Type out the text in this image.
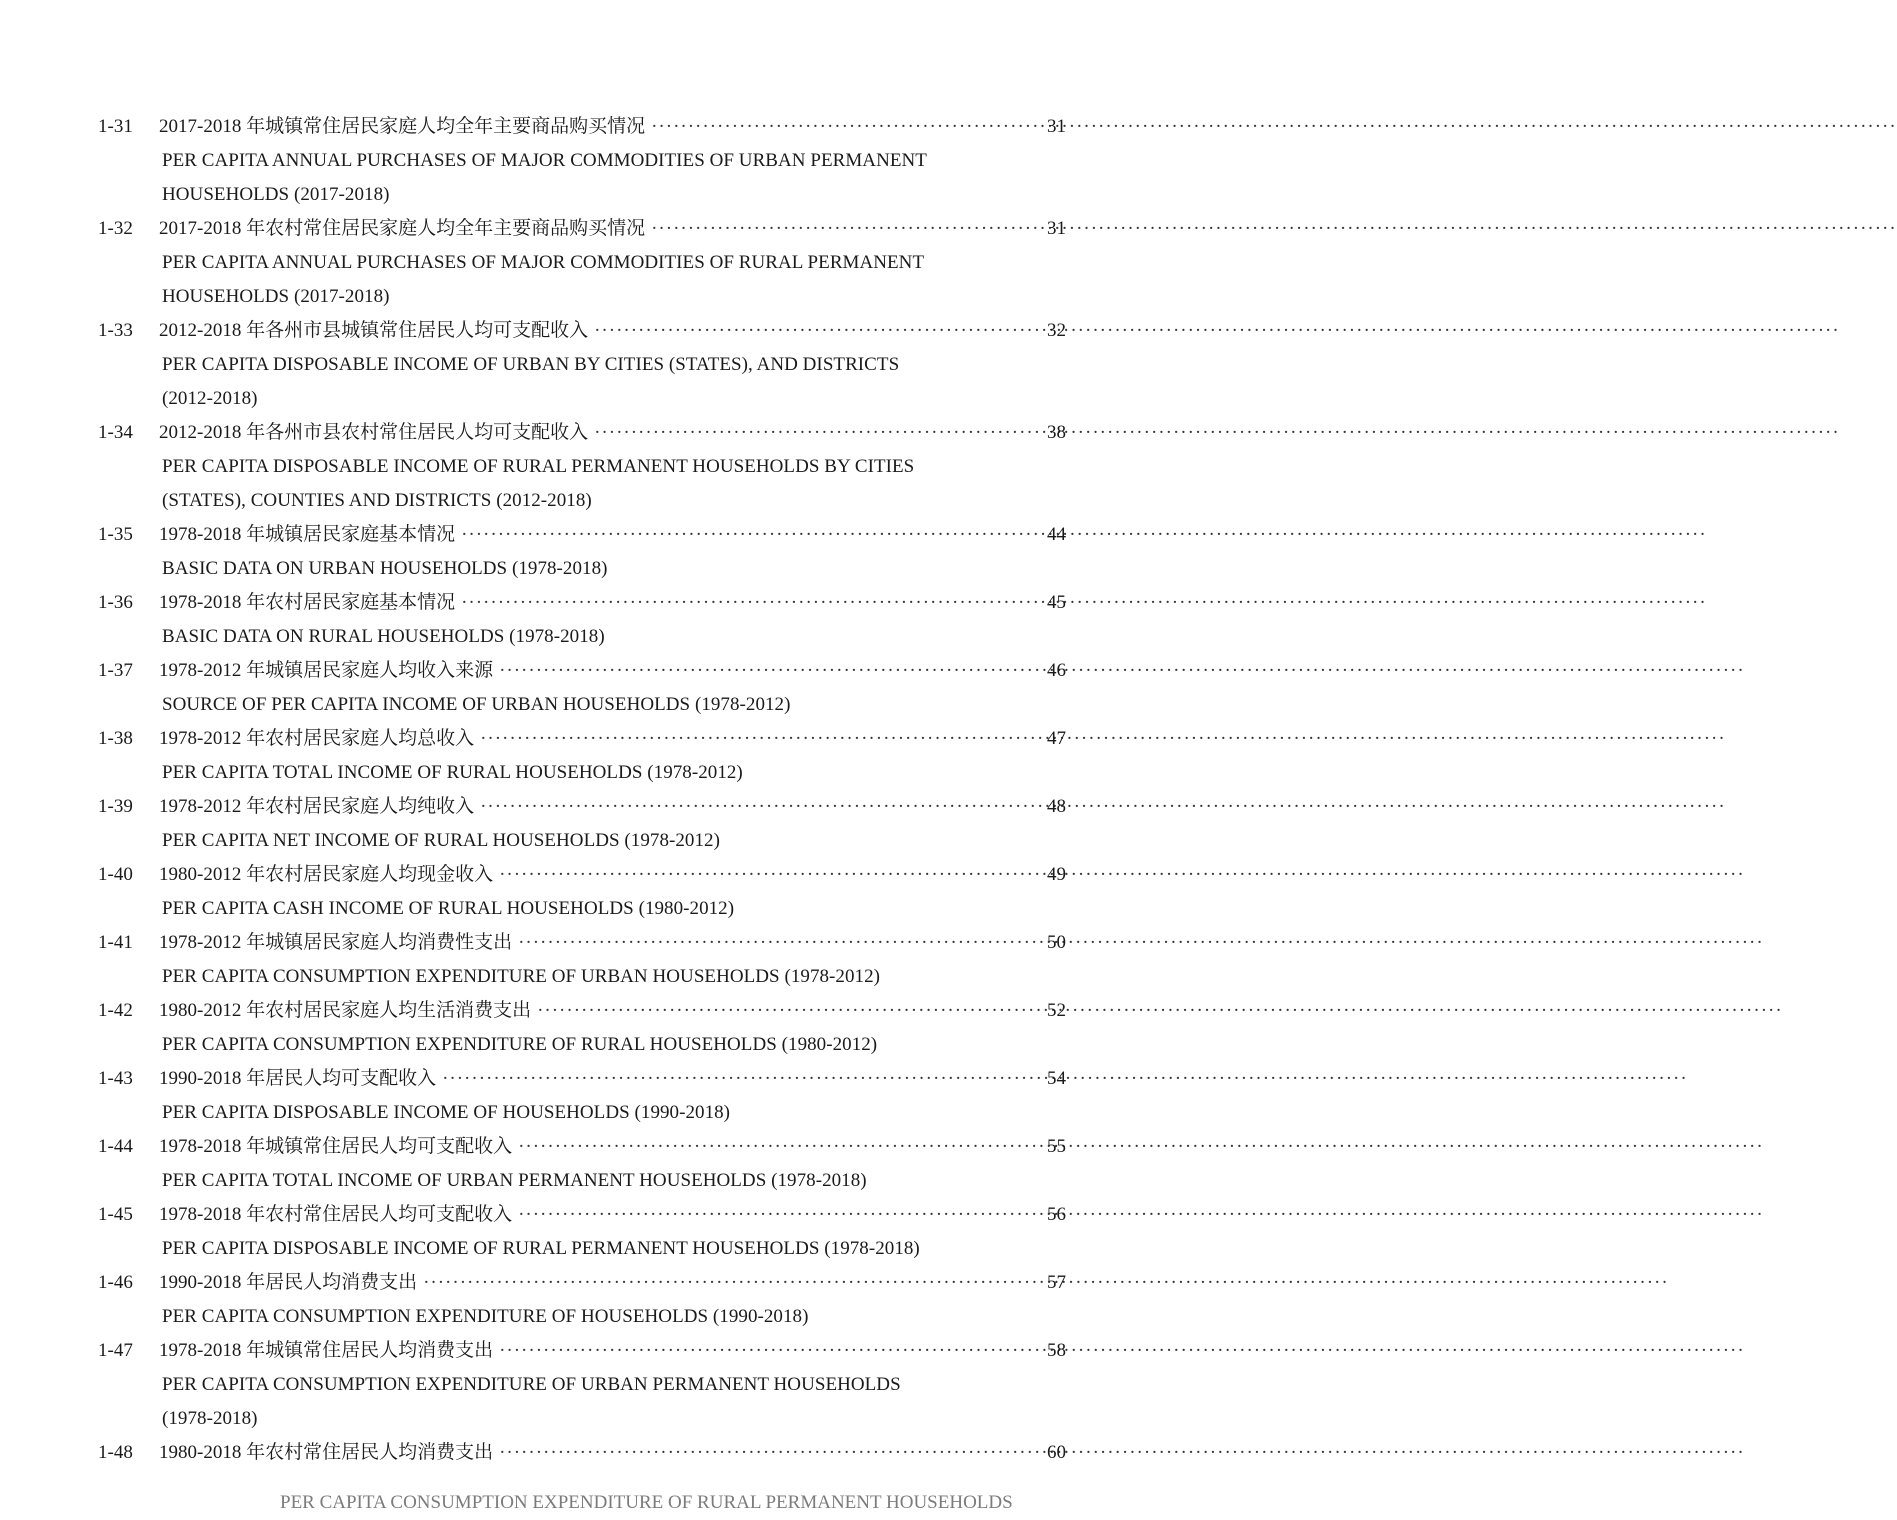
1-31	2017-2018 年城镇常住居民家庭人均全年主要商品购买情况 ·····	31
PER CAPITA ANNUAL PURCHASES OF MAJOR COMMODITIES OF URBAN PERMANENT
HOUSEHOLDS (2017-2018)
1-32	2017-2018 年农村常住居民家庭人均全年主要商品购买情况 ·····	31
PER CAPITA ANNUAL PURCHASES OF MAJOR COMMODITIES OF RURAL PERMANENT
HOUSEHOLDS (2017-2018)
1-33	2012-2018 年各州市县城镇常住居民人均可支配收入 ·····	32
PER CAPITA DISPOSABLE INCOME OF URBAN BY CITIES (STATES), AND DISTRICTS
(2012-2018)
1-34	2012-2018 年各州市县农村常住居民人均可支配收入 ·····	38
PER CAPITA DISPOSABLE INCOME OF RURAL PERMANENT HOUSEHOLDS BY CITIES
(STATES), COUNTIES AND DISTRICTS (2012-2018)
1-35	1978-2018 年城镇居民家庭基本情况 ·····	44
BASIC DATA ON URBAN HOUSEHOLDS (1978-2018)
1-36	1978-2018 年农村居民家庭基本情况 ·····	45
BASIC DATA ON RURAL HOUSEHOLDS (1978-2018)
1-37	1978-2012 年城镇居民家庭人均收入来源 ·····	46
SOURCE OF PER CAPITA INCOME OF URBAN HOUSEHOLDS (1978-2012)
1-38	1978-2012 年农村居民家庭人均总收入 ·····	47
PER CAPITA TOTAL INCOME OF RURAL HOUSEHOLDS (1978-2012)
1-39	1978-2012 年农村居民家庭人均纯收入 ·····	48
PER CAPITA NET INCOME OF RURAL HOUSEHOLDS (1978-2012)
1-40	1980-2012 年农村居民家庭人均现金收入 ·····	49
PER CAPITA CASH INCOME OF RURAL HOUSEHOLDS (1980-2012)
1-41	1978-2012 年城镇居民家庭人均消费性支出 ·····	50
PER CAPITA CONSUMPTION EXPENDITURE OF URBAN HOUSEHOLDS (1978-2012)
1-42	1980-2012 年农村居民家庭人均生活消费支出 ·····	52
PER CAPITA CONSUMPTION EXPENDITURE OF RURAL HOUSEHOLDS (1980-2012)
1-43	1990-2018 年居民人均可支配收入 ·····	54
PER CAPITA DISPOSABLE INCOME OF HOUSEHOLDS (1990-2018)
1-44	1978-2018 年城镇常住居民人均可支配收入 ·····	55
PER CAPITA TOTAL INCOME OF URBAN PERMANENT HOUSEHOLDS (1978-2018)
1-45	1978-2018 年农村常住居民人均可支配收入 ·····	56
PER CAPITA DISPOSABLE INCOME OF RURAL PERMANENT HOUSEHOLDS (1978-2018)
1-46	1990-2018 年居民人均消费支出 ·····	57
PER CAPITA CONSUMPTION EXPENDITURE OF HOUSEHOLDS (1990-2018)
1-47	1978-2018 年城镇常住居民人均消费支出 ·····	58
PER CAPITA CONSUMPTION EXPENDITURE OF URBAN PERMANENT HOUSEHOLDS
(1978-2018)
1-48	1980-2018 年农村常住居民人均消费支出 ·····	60
PER CAPITA CONSUMPTION EXPENDITURE OF RURAL PERMANENT HOUSEHOLDS
